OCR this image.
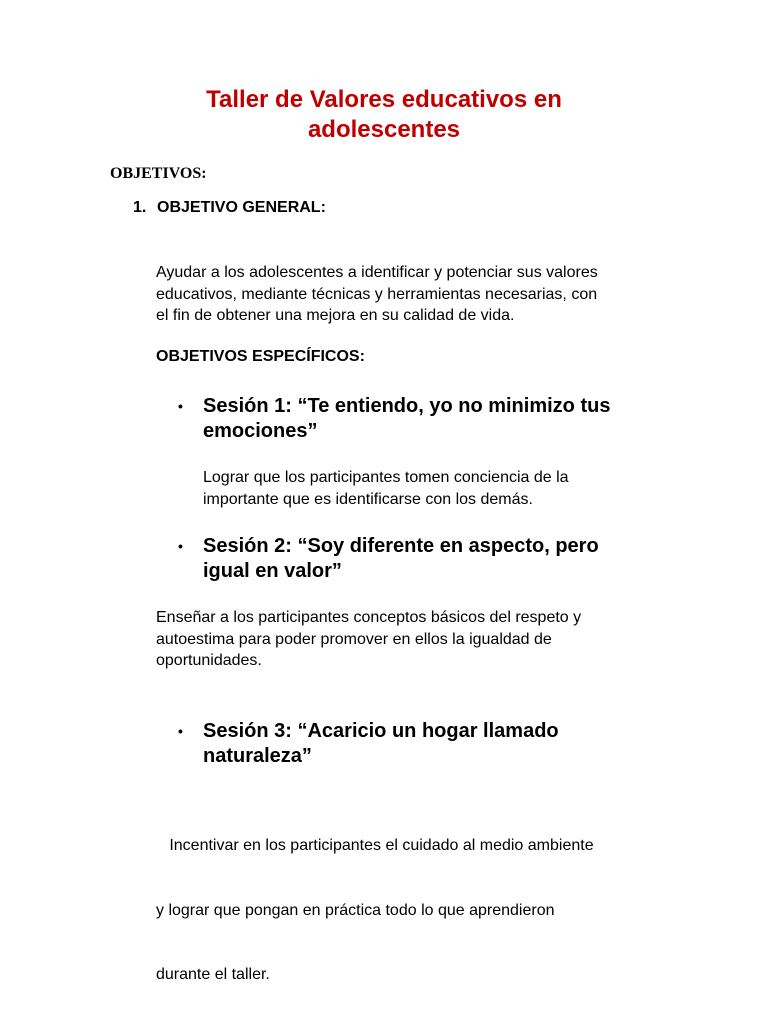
Taller de Valores educativos en
adolescentes
OBJETIVOS:
1. OBJETIVO GENERAL:
Ayudar a los adolescentes a identificar y potenciar sus valores
educativos, mediante técnicas y herramientas necesarias, con
el fin de obtener una mejora en su calidad de vida.
OBJETIVOS ESPECÍFICOS:
• Sesión 1: “Te entiendo, yo no minimizo tus
emociones”
Lograr que los participantes tomen conciencia de la
importante que es identificarse con los demás.
• Sesión 2: “Soy diferente en aspecto, pero
igual en valor”
Enseñar a los participantes conceptos básicos del respeto y
autoestima para poder promover en ellos la igualdad de
oportunidades.
• Sesión 3: “Acaricio un hogar llamado
naturaleza”

Incentivar en los participantes el cuidado al medio ambiente

y lograr que pongan en práctica todo lo que aprendieron

durante el taller.
